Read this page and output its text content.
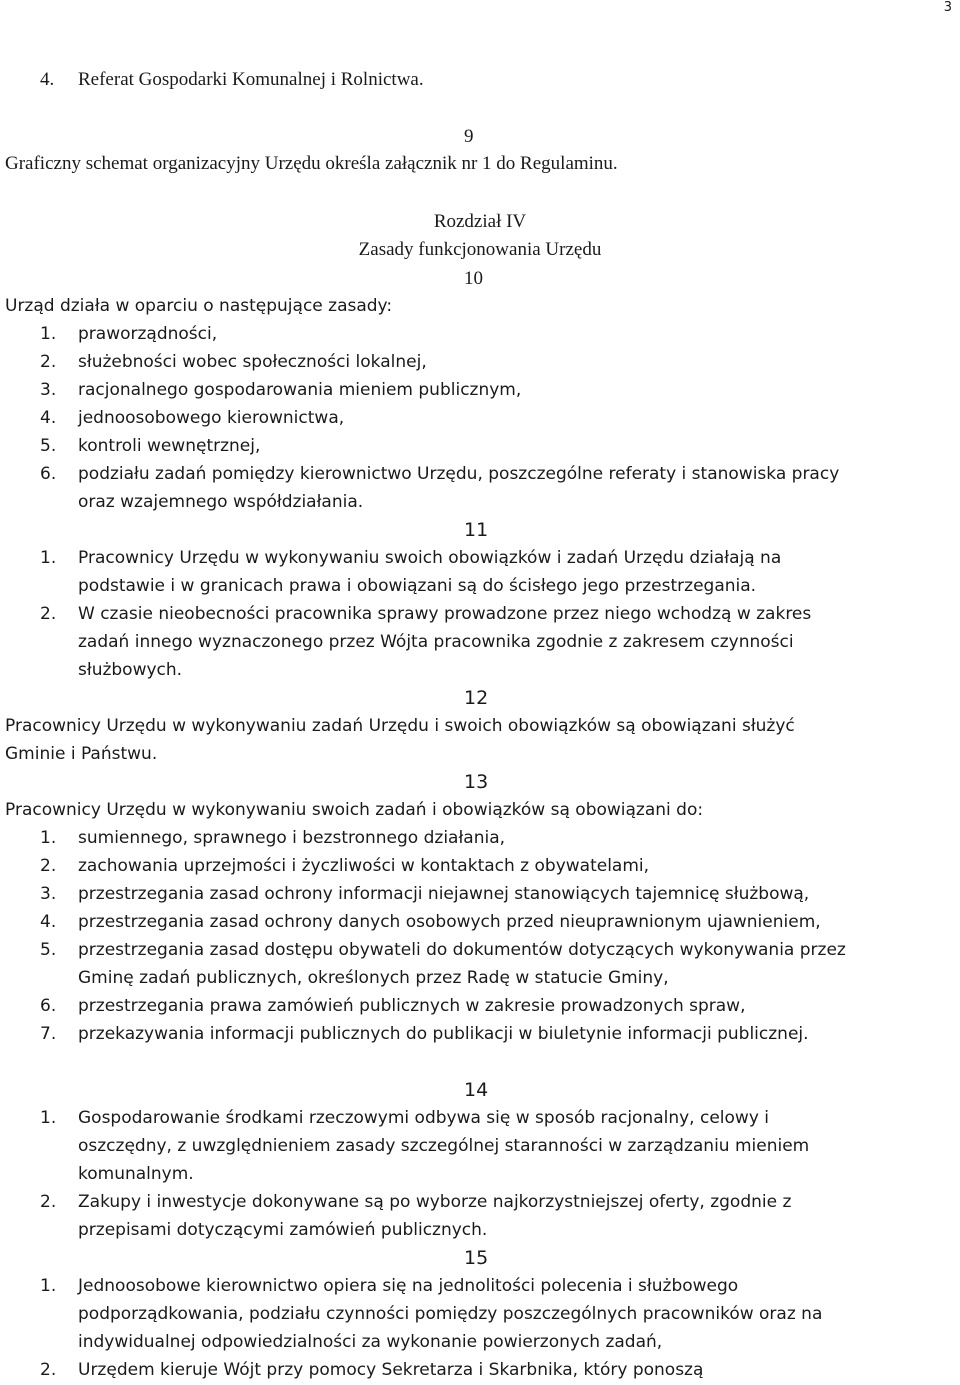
3
4. Referat Gospodarki Komunalnej i Rolnictwa.
9
Graficzny schemat organizacyjny Urzędu określa załącznik nr 1 do Regulaminu.
Rozdział IV
Zasady funkcjonowania Urzędu
10
Urząd działa w oparciu o następujące zasady:
1. praworządności,
2. służebności wobec społeczności lokalnej,
3. racjonalnego gospodarowania mieniem publicznym,
4. jednoosobowego kierownictwa,
5. kontroli wewnętrznej,
6. podziału zadań pomiędzy kierownictwo Urzędu, poszczególne referaty i stanowiska pracy
oraz wzajemnego współdziałania.
11
1. Pracownicy Urzędu w wykonywaniu swoich obowiązków i zadań Urzędu działają na
podstawie i w granicach prawa i obowiązani są do ścisłego jego przestrzegania.
2. W czasie nieobecności pracownika sprawy prowadzone przez niego wchodzą w zakres
zadań innego wyznaczonego przez Wójta pracownika zgodnie z zakresem czynności
służbowych.
12
Pracownicy Urzędu w wykonywaniu zadań Urzędu i swoich obowiązków są obowiązani służyć
Gminie i Państwu.
13
Pracownicy Urzędu w wykonywaniu swoich zadań i obowiązków są obowiązani do:
1. sumiennego, sprawnego i bezstronnego działania,
2. zachowania uprzejmości i życzliwości w kontaktach z obywatelami,
3. przestrzegania zasad ochrony informacji niejawnej stanowiących tajemnicę służbową,
4. przestrzegania zasad ochrony danych osobowych przed nieuprawnionym ujawnieniem,
5. przestrzegania zasad dostępu obywateli do dokumentów dotyczących wykonywania przez
Gminę zadań publicznych, określonych przez Radę w statucie Gminy,
6. przestrzegania prawa zamówień publicznych w zakresie prowadzonych spraw,
7. przekazywania informacji publicznych do publikacji w biuletynie informacji publicznej.
14
1. Gospodarowanie środkami rzeczowymi odbywa się w sposób racjonalny, celowy i
oszczędny, z uwzględnieniem zasady szczególnej staranności w zarządzaniu mieniem
komunalnym.
2. Zakupy i inwestycje dokonywane są po wyborze najkorzystniejszej oferty, zgodnie z
przepisami dotyczącymi zamówień publicznych.
15
1. Jednoosobowe kierownictwo opiera się na jednolitości polecenia i służbowego
podporządkowania, podziału czynności pomiędzy poszczególnych pracowników oraz na
indywidualnej odpowiedzialności za wykonanie powierzonych zadań,
2. Urzędem kieruje Wójt przy pomocy Sekretarza i Skarbnika, który ponoszą
